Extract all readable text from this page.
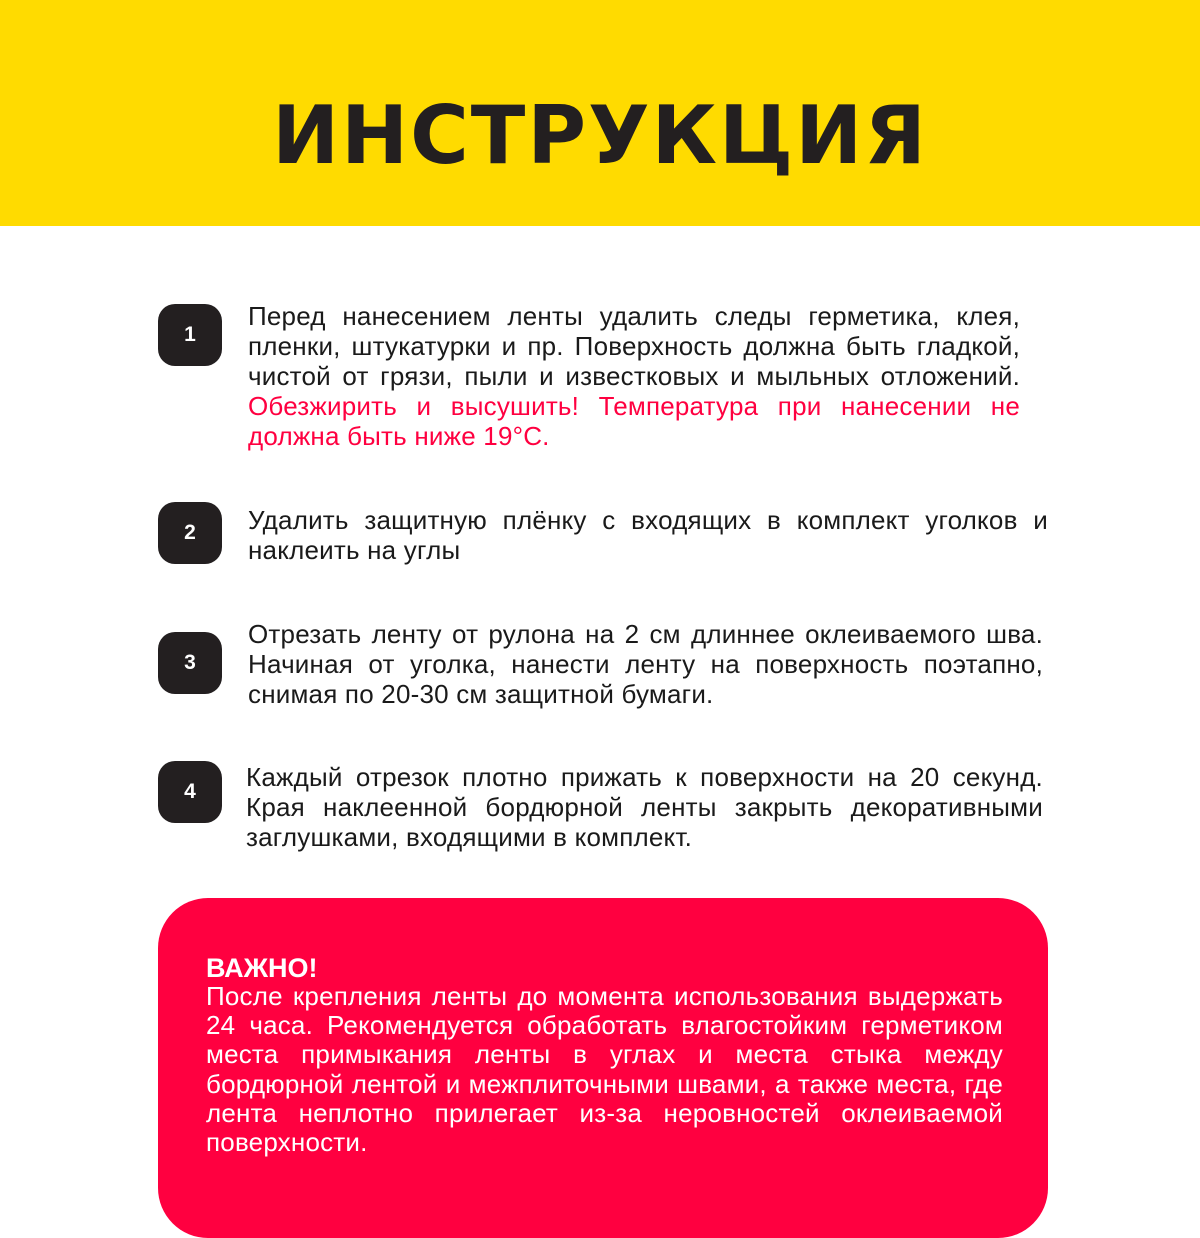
ИНСТРУКЦИЯ
1
Перед нанесением ленты удалить следы герметика, клея, пленки, штукатурки и пр. Поверхность должна быть гладкой, чистой от грязи, пыли и известковых и мыльных отложений. Обезжирить и высушить! Температура при нанесении не должна быть ниже 19°С.
2 Удалить защитную плёнку с входящих в комплект уголков и наклеить на углы
3
Отрезать ленту от рулона на 2 см длиннее оклеиваемого шва. Начиная от уголка, нанести ленту на поверхность поэтапно, снимая по 20-30 см защитной бумаги.
4 Каждый отрезок плотно прижать к поверхности на 20 секунд. Края наклеенной бордюрной ленты закрыть декоративными заглушками, входящими в комплект.
ВАЖНО!
После крепления ленты до момента использования выдержать 24 часа. Рекомендуется обработать влагостойким герметиком места примыкания ленты в углах и места стыка между бордюрной лентой и межплиточными швами, а также места, где лента неплотно прилегает из-за неровностей оклеиваемой поверхности.
